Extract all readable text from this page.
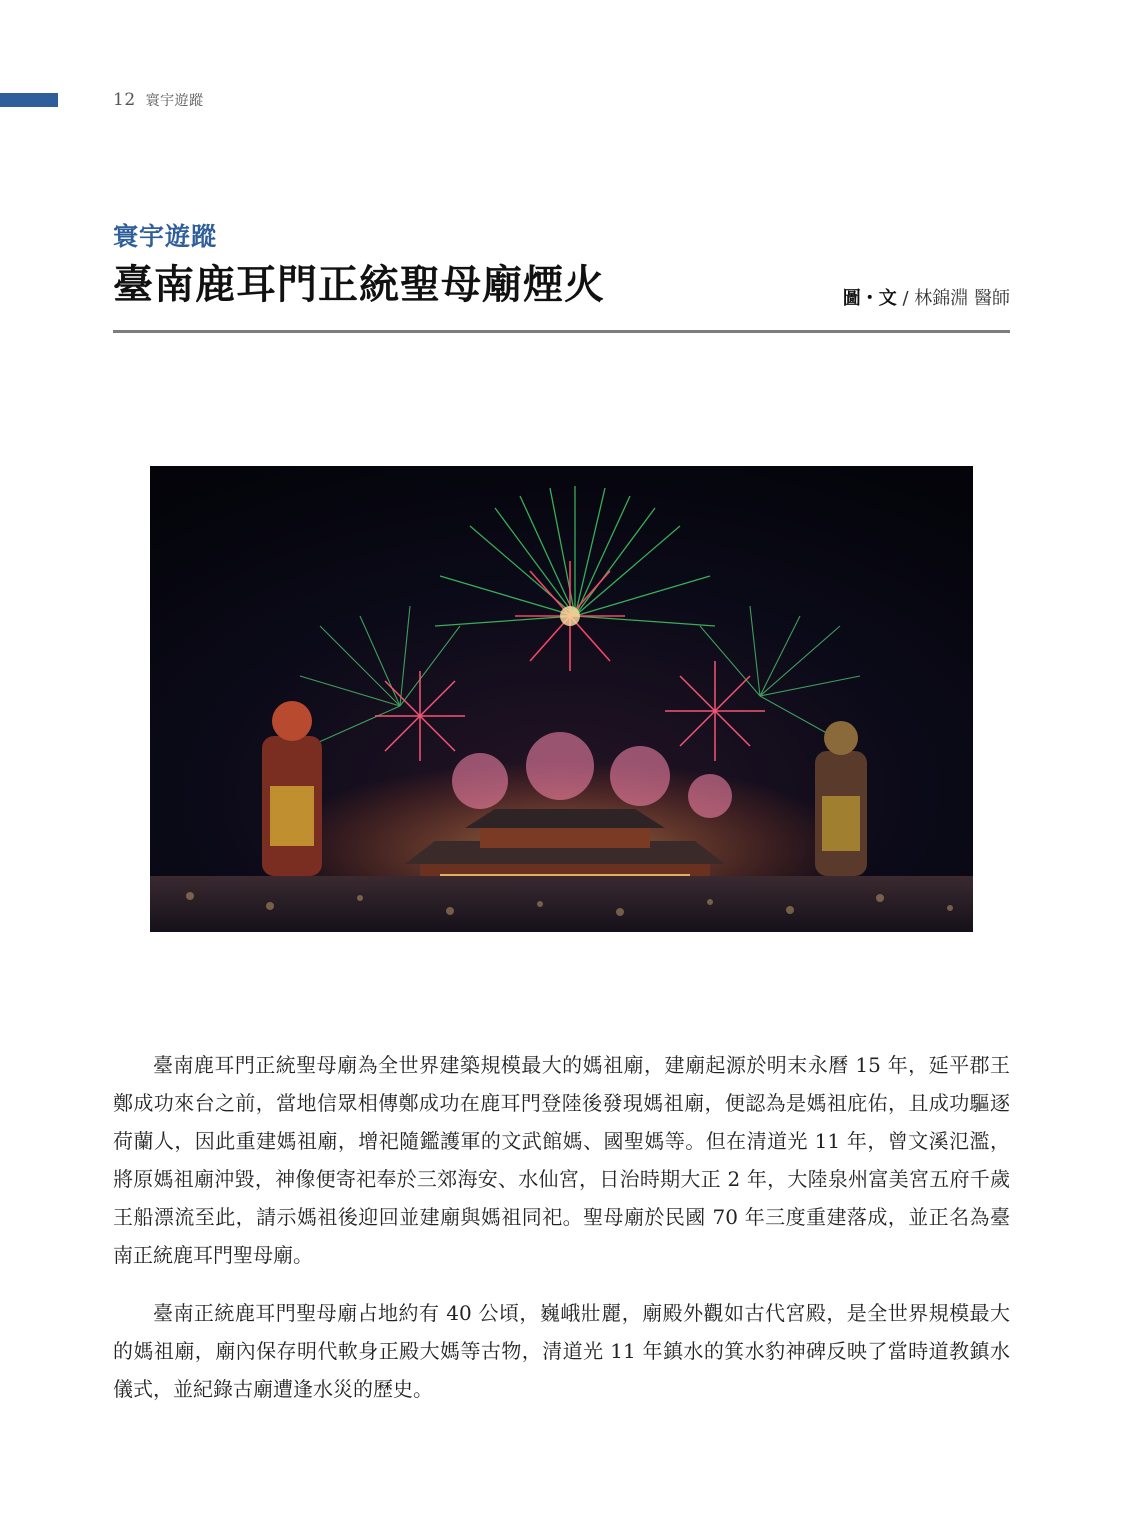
12 寰宇遊蹤
寰宇遊蹤
臺南鹿耳門正統聖母廟煙火	圖・文 / 林錦淵 醫師

臺南鹿耳門正統聖母廟為全世界建築規模最大的媽祖廟，建廟起源於明末永曆 15 年，延平郡王鄭成功來台之前，當地信眾相傳鄭成功在鹿耳門登陸後發現媽祖廟，便認為是媽祖庇佑，且成功驅逐荷蘭人，因此重建媽祖廟，增祀隨鑑護軍的文武館媽、國聖媽等。但在清道光 11 年，曾文溪氾濫，將原媽祖廟沖毀，神像便寄祀奉於三郊海安、水仙宮，日治時期大正 2 年，大陸泉州富美宮五府千歲王船漂流至此，請示媽祖後迎回並建廟與媽祖同祀。聖母廟於民國 70 年三度重建落成，並正名為臺南正統鹿耳門聖母廟。

臺南正統鹿耳門聖母廟占地約有 40 公頃，巍峨壯麗，廟殿外觀如古代宮殿，是全世界規模最大的媽祖廟，廟內保存明代軟身正殿大媽等古物，清道光 11 年鎮水的箕水豹神碑反映了當時道教鎮水儀式，並紀錄古廟遭逢水災的歷史。
